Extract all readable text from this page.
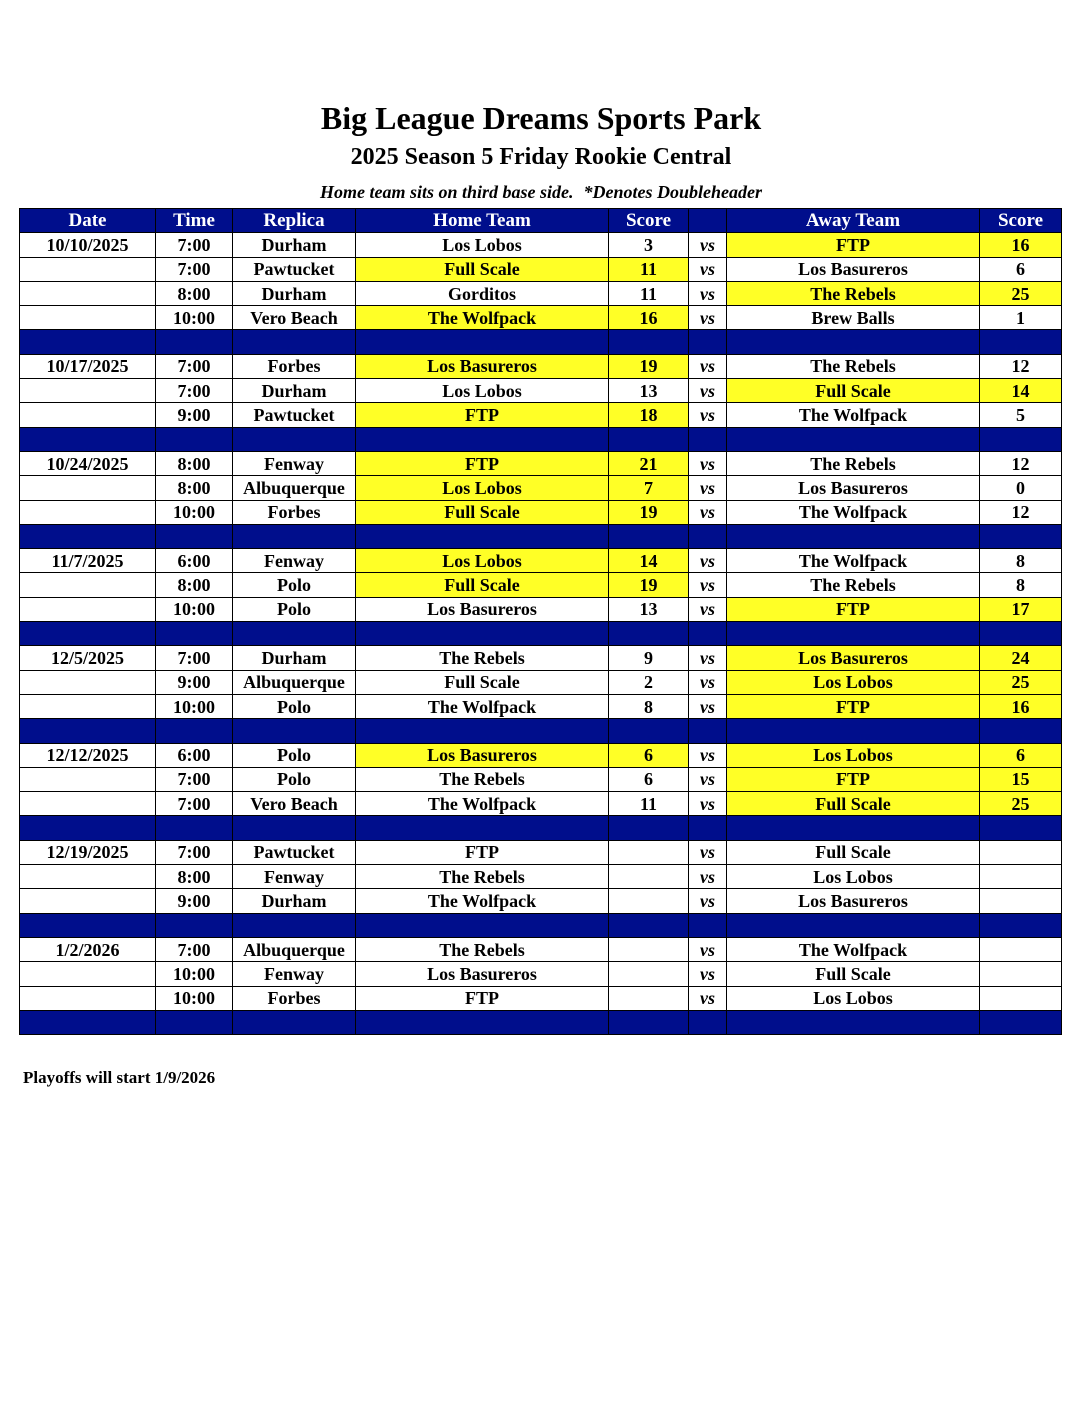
Big League Dreams Sports Park
2025 Season 5 Friday Rookie Central
Home team sits on third base side. *Denotes Doubleheader
Date	Time	Replica	Home Team	Score		Away Team	Score
10/10/2025	7:00	Durham	Los Lobos	3	vs	FTP	16
	7:00	Pawtucket	Full Scale	11	vs	Los Basureros	6
	8:00	Durham	Gorditos	11	vs	The Rebels	25
	10:00	Vero Beach	The Wolfpack	16	vs	Brew Balls	1

10/17/2025	7:00	Forbes	Los Basureros	19	vs	The Rebels	12
	7:00	Durham	Los Lobos	13	vs	Full Scale	14
	9:00	Pawtucket	FTP	18	vs	The Wolfpack	5

10/24/2025	8:00	Fenway	FTP	21	vs	The Rebels	12
	8:00	Albuquerque	Los Lobos	7	vs	Los Basureros	0
	10:00	Forbes	Full Scale	19	vs	The Wolfpack	12

11/7/2025	6:00	Fenway	Los Lobos	14	vs	The Wolfpack	8
	8:00	Polo	Full Scale	19	vs	The Rebels	8
	10:00	Polo	Los Basureros	13	vs	FTP	17

12/5/2025	7:00	Durham	The Rebels	9	vs	Los Basureros	24
	9:00	Albuquerque	Full Scale	2	vs	Los Lobos	25
	10:00	Polo	The Wolfpack	8	vs	FTP	16

12/12/2025	6:00	Polo	Los Basureros	6	vs	Los Lobos	6
	7:00	Polo	The Rebels	6	vs	FTP	15
	7:00	Vero Beach	The Wolfpack	11	vs	Full Scale	25

12/19/2025	7:00	Pawtucket	FTP		vs	Full Scale	
	8:00	Fenway	The Rebels		vs	Los Lobos	
	9:00	Durham	The Wolfpack		vs	Los Basureros	

1/2/2026	7:00	Albuquerque	The Rebels		vs	The Wolfpack	
	10:00	Fenway	Los Basureros		vs	Full Scale	
	10:00	Forbes	FTP		vs	Los Lobos	

Playoffs will start 1/9/2026
